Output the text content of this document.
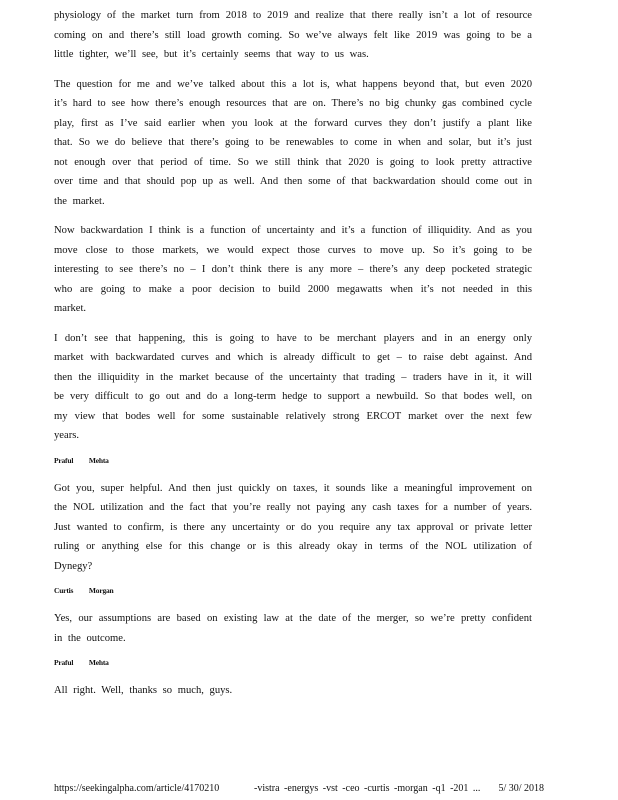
physiology of the market turn from 2018 to 2019 and realize that there really isn’t a lot of resource coming on and there’s still load growth coming. So we’ve always felt like 2019 was going to be a little tighter, we’ll see, but it’s certainly seems that way to us was.

The question for me and we’ve talked about this a lot is, what happens beyond that, but even 2020 it’s hard to see how there’s enough resources that are on. There’s no big chunky gas combined cycle play, first as I’ve said earlier when you look at the forward curves they don’t justify a plant like that. So we do believe that there’s going to be renewables to come in when and solar, but it’s just not enough over that period of time. So we still think that 2020 is going to look pretty attractive over time and that should pop up as well. And then some of that backwardation should come out in the market.

Now backwardation I think is a function of uncertainty and it’s a function of illiquidity. And as you move close to those markets, we would expect those curves to move up. So it’s going to be interesting to see there’s no – I don’t think there is any more – there’s any deep pocketed strategic who are going to make a poor decision to build 2000 megawatts when it’s not needed in this market.

I don’t see that happening, this is going to have to be merchant players and in an energy only market with backwardated curves and which is already difficult to get – to raise debt against. And then the illiquidity in the market because of the uncertainty that trading – traders have in it, it will be very difficult to go out and do a long-term hedge to support a newbuild. So that bodes well, on my view that bodes well for some sustainable relatively strong ERCOT market over the next few years.

Praful Mehta

Got you, super helpful. And then just quickly on taxes, it sounds like a meaningful improvement on the NOL utilization and the fact that you’re really not paying any cash taxes for a number of years. Just wanted to confirm, is there any uncertainty or do you require any tax approval or private letter ruling or anything else for this change or is this already okay in terms of the NOL utilization of Dynegy?

Curtis Morgan

Yes, our assumptions are based on existing law at the date of the merger, so we’re pretty confident in the outcome.

Praful Mehta

All right. Well, thanks so much, guys.

https://seekingalpha.com/article/4170210	-vistra -energys -vst -ceo -curtis -morgan -q1 -201 ... 5/ 30/ 2018
